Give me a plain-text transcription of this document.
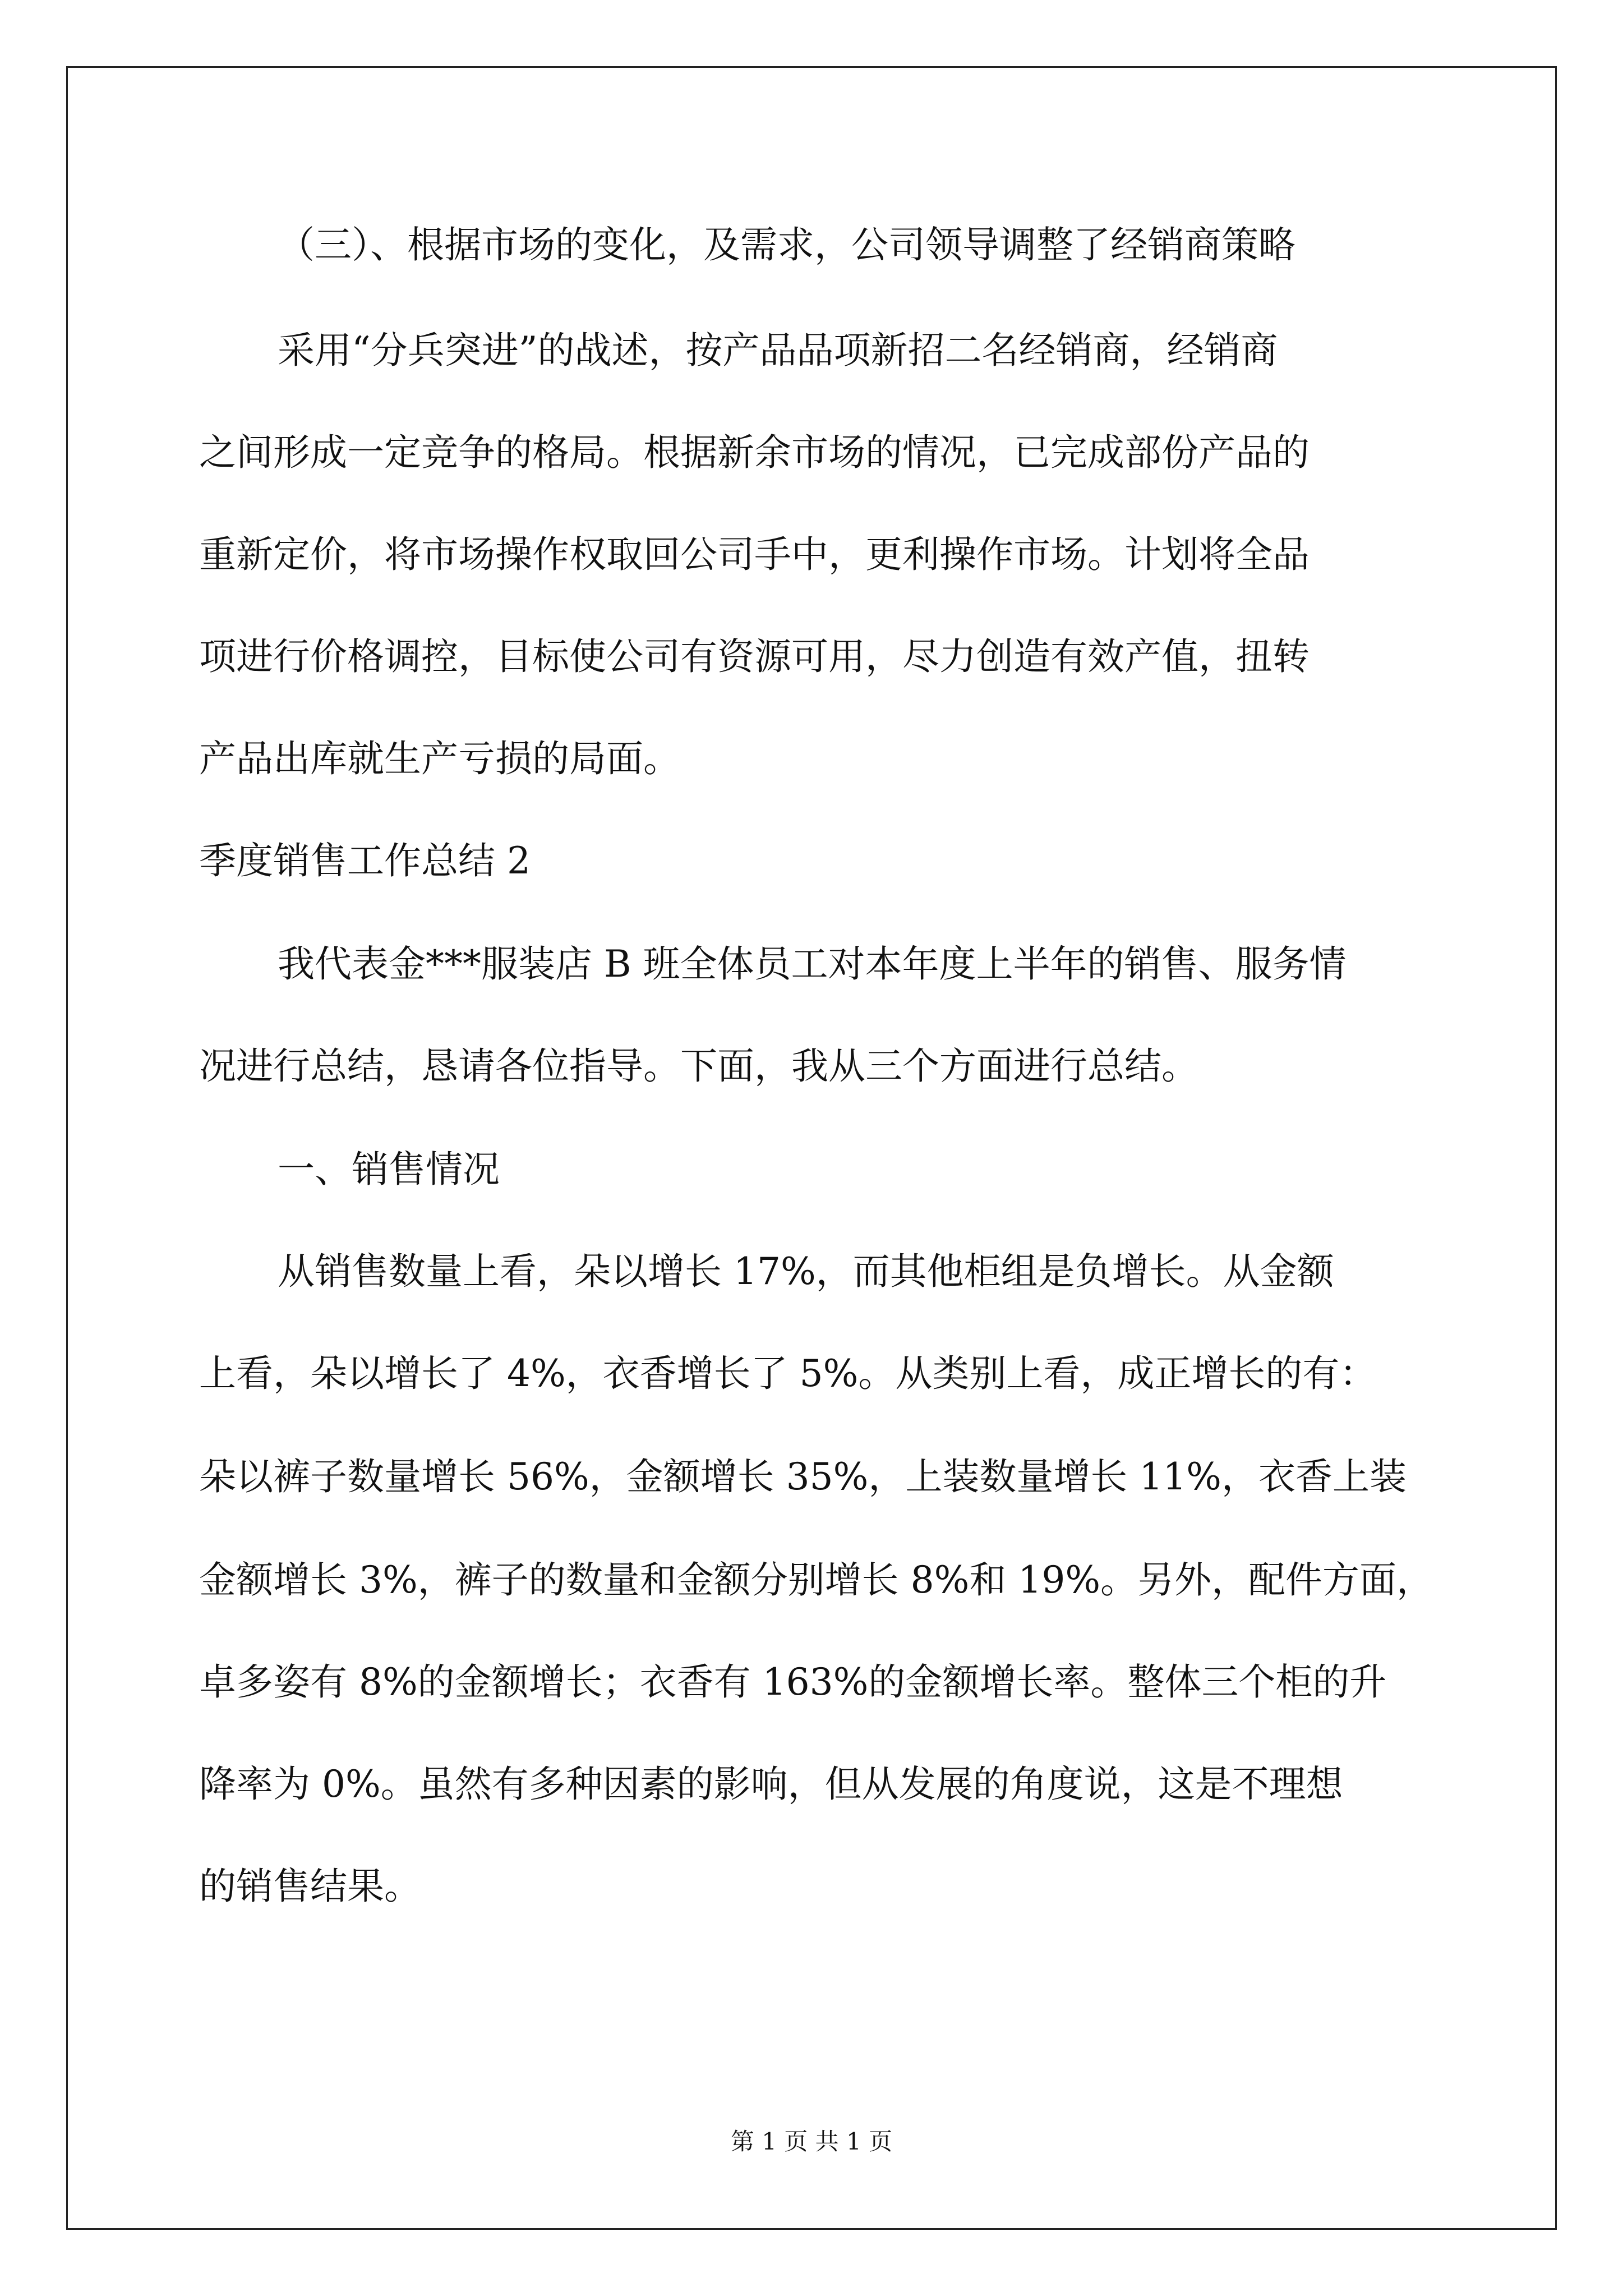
（三）、根据市场的变化，及需求，公司领导调整了经销商策略
采用“分兵突进”的战述，按产品品项新招二名经销商，经销商
之间形成一定竞争的格局。根据新余市场的情况，已完成部份产品的
重新定价，将市场操作权取回公司手中，更利操作市场。计划将全品
项进行价格调控，目标使公司有资源可用，尽力创造有效产值，扭转
产品出库就生产亏损的局面。
季度销售工作总结 2
我代表金***服装店 B 班全体员工对本年度上半年的销售、服务情
况进行总结，恳请各位指导。下面，我从三个方面进行总结。
一、销售情况
从销售数量上看，朵以增长 17%，而其他柜组是负增长。从金额
上看，朵以增长了 4%，衣香增长了 5%。从类别上看，成正增长的有：
朵以裤子数量增长 56%，金额增长 35%，上装数量增长 11%，衣香上装
金额增长 3%，裤子的数量和金额分别增长 8%和 19%。另外，配件方面，
卓多姿有 8%的金额增长；衣香有 163%的金额增长率。整体三个柜的升
降率为 0%。虽然有多种因素的影响，但从发展的角度说，这是不理想
的销售结果。
第 1 页 共 1 页
